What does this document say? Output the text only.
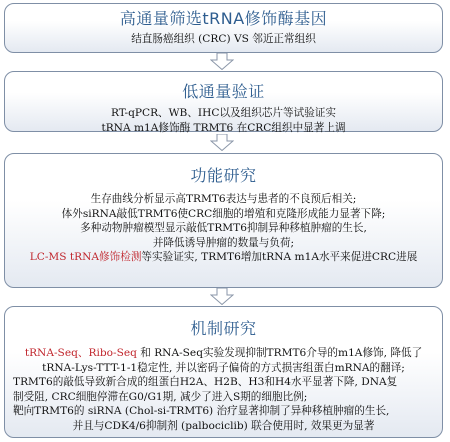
高通量筛选tRNA修饰酶基因
结直肠癌组织 (CRC) VS 邻近正常组织
低通量验证
RT-qPCR、WB、IHC以及组织芯片等试验证实
tRNA m1A修饰酶 TRMT6 在CRC组织中显著上调
功能研究
生存曲线分析显示高TRMT6表达与患者的不良预后相关;
体外siRNA敲低TRMT6使CRC细胞的增殖和克隆形成能力显著下降;
多种动物肿瘤模型显示敲低TRMT6抑制异种移植肿瘤的生长,
并降低诱导肿瘤的数量与负荷;
LC-MS tRNA修饰检测等实验证实, TRMT6增加tRNA m1A水平来促进CRC进展
机制研究
tRNA-Seq、Ribo-Seq 和 RNA-Seq实验发现抑制TRMT6介导的m1A修饰, 降低了
tRNA-Lys-TTT-1-1稳定性, 并以密码子偏倚的方式损害组蛋白mRNA的翻译;
TRMT6的敲低导致新合成的组蛋白H2A、H2B、H3和H4水平显著下降, DNA复
制受阻, CRC细胞停滞在G0/G1期, 减少了进入S期的细胞比例;
靶向TRMT6的 siRNA (Chol-si-TRMT6) 治疗显著抑制了异种移植肿瘤的生长,
并且与CDK4/6抑制剂 (palbociclib) 联合使用时, 效果更为显著
